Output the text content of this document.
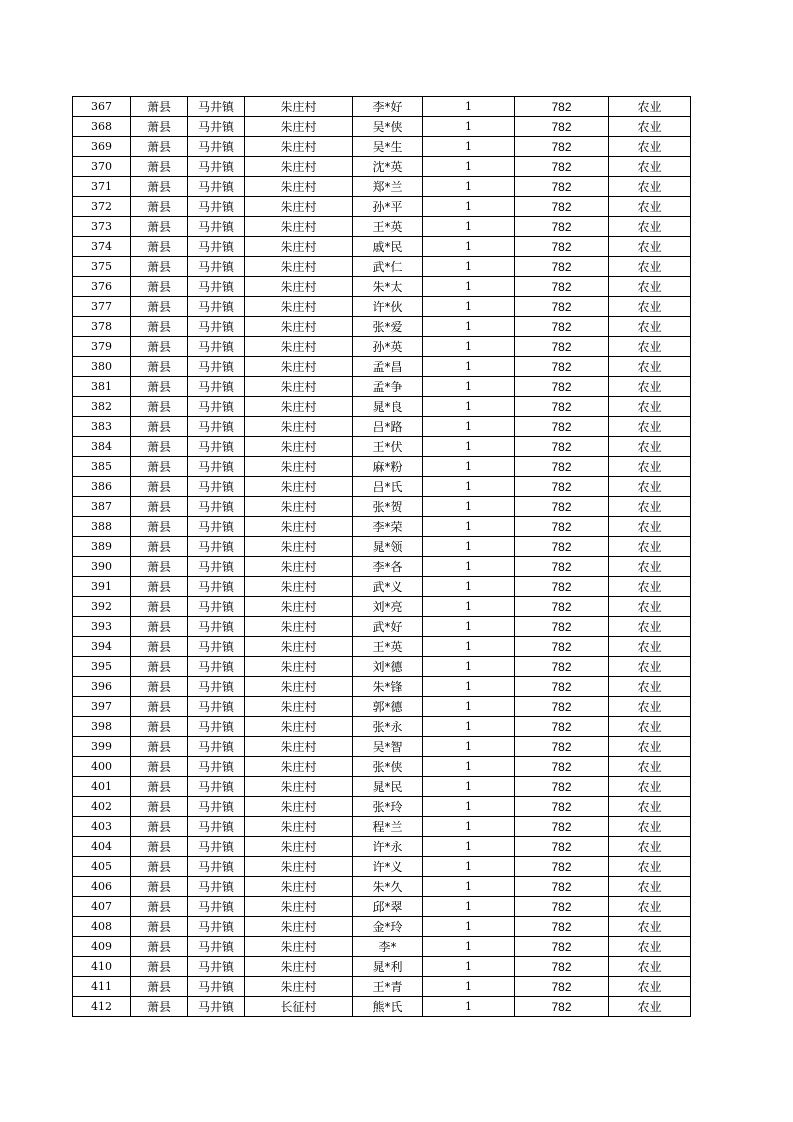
367	萧县	马井镇	朱庄村	李*好	1	782	农业
368	萧县	马井镇	朱庄村	吴*侠	1	782	农业
369	萧县	马井镇	朱庄村	吴*生	1	782	农业
370	萧县	马井镇	朱庄村	沈*英	1	782	农业
371	萧县	马井镇	朱庄村	郑*兰	1	782	农业
372	萧县	马井镇	朱庄村	孙*平	1	782	农业
373	萧县	马井镇	朱庄村	王*英	1	782	农业
374	萧县	马井镇	朱庄村	戚*民	1	782	农业
375	萧县	马井镇	朱庄村	武*仁	1	782	农业
376	萧县	马井镇	朱庄村	朱*太	1	782	农业
377	萧县	马井镇	朱庄村	许*伙	1	782	农业
378	萧县	马井镇	朱庄村	张*爱	1	782	农业
379	萧县	马井镇	朱庄村	孙*英	1	782	农业
380	萧县	马井镇	朱庄村	孟*昌	1	782	农业
381	萧县	马井镇	朱庄村	孟*争	1	782	农业
382	萧县	马井镇	朱庄村	晁*良	1	782	农业
383	萧县	马井镇	朱庄村	吕*路	1	782	农业
384	萧县	马井镇	朱庄村	王*伏	1	782	农业
385	萧县	马井镇	朱庄村	麻*粉	1	782	农业
386	萧县	马井镇	朱庄村	吕*氏	1	782	农业
387	萧县	马井镇	朱庄村	张*贺	1	782	农业
388	萧县	马井镇	朱庄村	李*荣	1	782	农业
389	萧县	马井镇	朱庄村	晁*领	1	782	农业
390	萧县	马井镇	朱庄村	李*各	1	782	农业
391	萧县	马井镇	朱庄村	武*义	1	782	农业
392	萧县	马井镇	朱庄村	刘*亮	1	782	农业
393	萧县	马井镇	朱庄村	武*好	1	782	农业
394	萧县	马井镇	朱庄村	王*英	1	782	农业
395	萧县	马井镇	朱庄村	刘*德	1	782	农业
396	萧县	马井镇	朱庄村	朱*锋	1	782	农业
397	萧县	马井镇	朱庄村	郭*德	1	782	农业
398	萧县	马井镇	朱庄村	张*永	1	782	农业
399	萧县	马井镇	朱庄村	吴*智	1	782	农业
400	萧县	马井镇	朱庄村	张*侠	1	782	农业
401	萧县	马井镇	朱庄村	晁*民	1	782	农业
402	萧县	马井镇	朱庄村	张*玲	1	782	农业
403	萧县	马井镇	朱庄村	程*兰	1	782	农业
404	萧县	马井镇	朱庄村	许*永	1	782	农业
405	萧县	马井镇	朱庄村	许*义	1	782	农业
406	萧县	马井镇	朱庄村	朱*久	1	782	农业
407	萧县	马井镇	朱庄村	邱*翠	1	782	农业
408	萧县	马井镇	朱庄村	金*玲	1	782	农业
409	萧县	马井镇	朱庄村	李*	1	782	农业
410	萧县	马井镇	朱庄村	晁*利	1	782	农业
411	萧县	马井镇	朱庄村	王*青	1	782	农业
412	萧县	马井镇	长征村	熊*氏	1	782	农业
